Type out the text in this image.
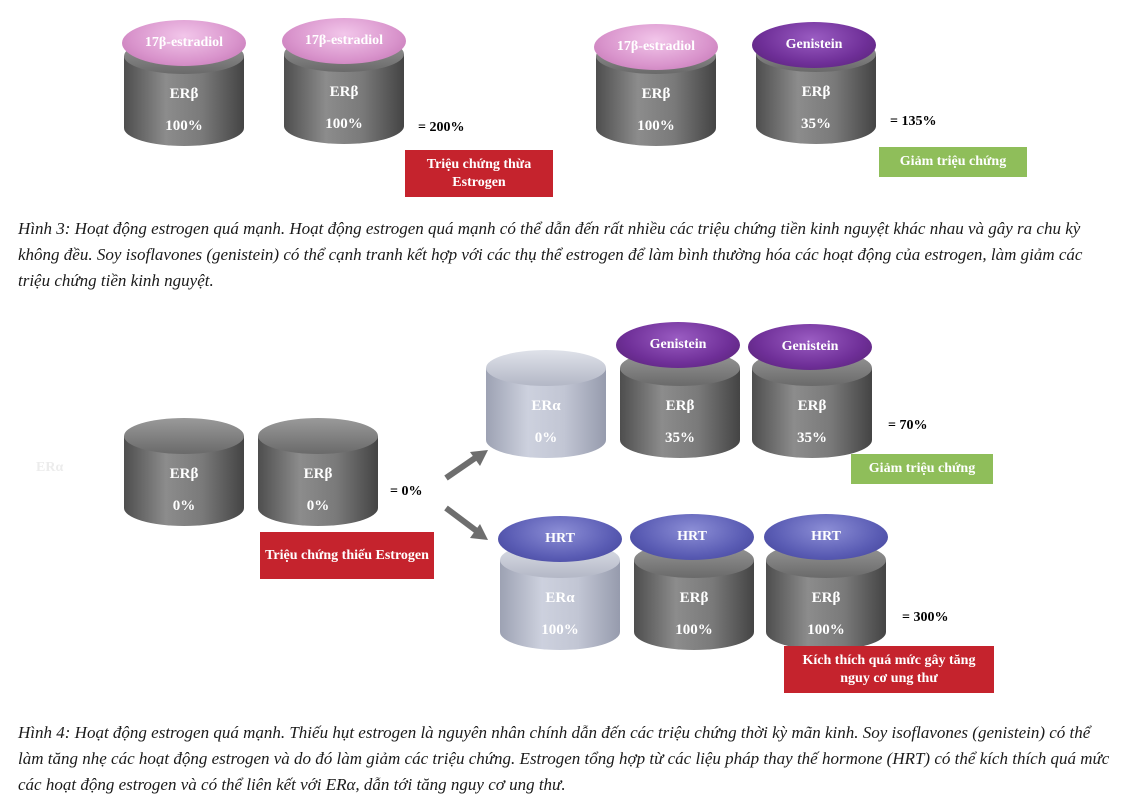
ERβ
100%
17β-estradiol
ERβ
100%
17β-estradiol
= 200%
Triệu chứng thừa Estrogen
ERβ
100%
17β-estradiol
ERβ
35%
Genistein
= 135%
Giảm triệu chứng
Hình 3: Hoạt động estrogen quá mạnh. Hoạt động estrogen quá mạnh có thể dẫn đến rất nhiều các triệu chứng tiền kinh nguyệt khác nhau và gây ra chu kỳ không đều. Soy isoflavones (genistein) có thể cạnh tranh kết hợp với các thụ thể estrogen để làm bình thường hóa các hoạt động của estrogen, làm giảm các triệu chứng tiền kinh nguyệt.
ERα	ERβ
0%
ERβ
0%
= 0%
Triệu chứng thiếu Estrogen
ERα
0%
ERβ
35%
Genistein
ERβ
35%
Genistein
= 70%
Giảm triệu chứng
ERα
100%
HRT
ERβ
100%
HRT
ERβ
100%
HRT
= 300%
Kích thích quá mức gây tăng nguy cơ ung thư
Hình 4: Hoạt động estrogen quá mạnh. Thiếu hụt estrogen là nguyên nhân chính dẫn đến các triệu chứng thời kỳ mãn kinh. Soy isoflavones (genistein) có thể làm tăng nhẹ các hoạt động estrogen và do đó làm giảm các triệu chứng. Estrogen tổng hợp từ các liệu pháp thay thế hormone (HRT) có thể kích thích quá mức các hoạt động estrogen và có thể liên kết với ERα, dẫn tới tăng nguy cơ ung thư.
